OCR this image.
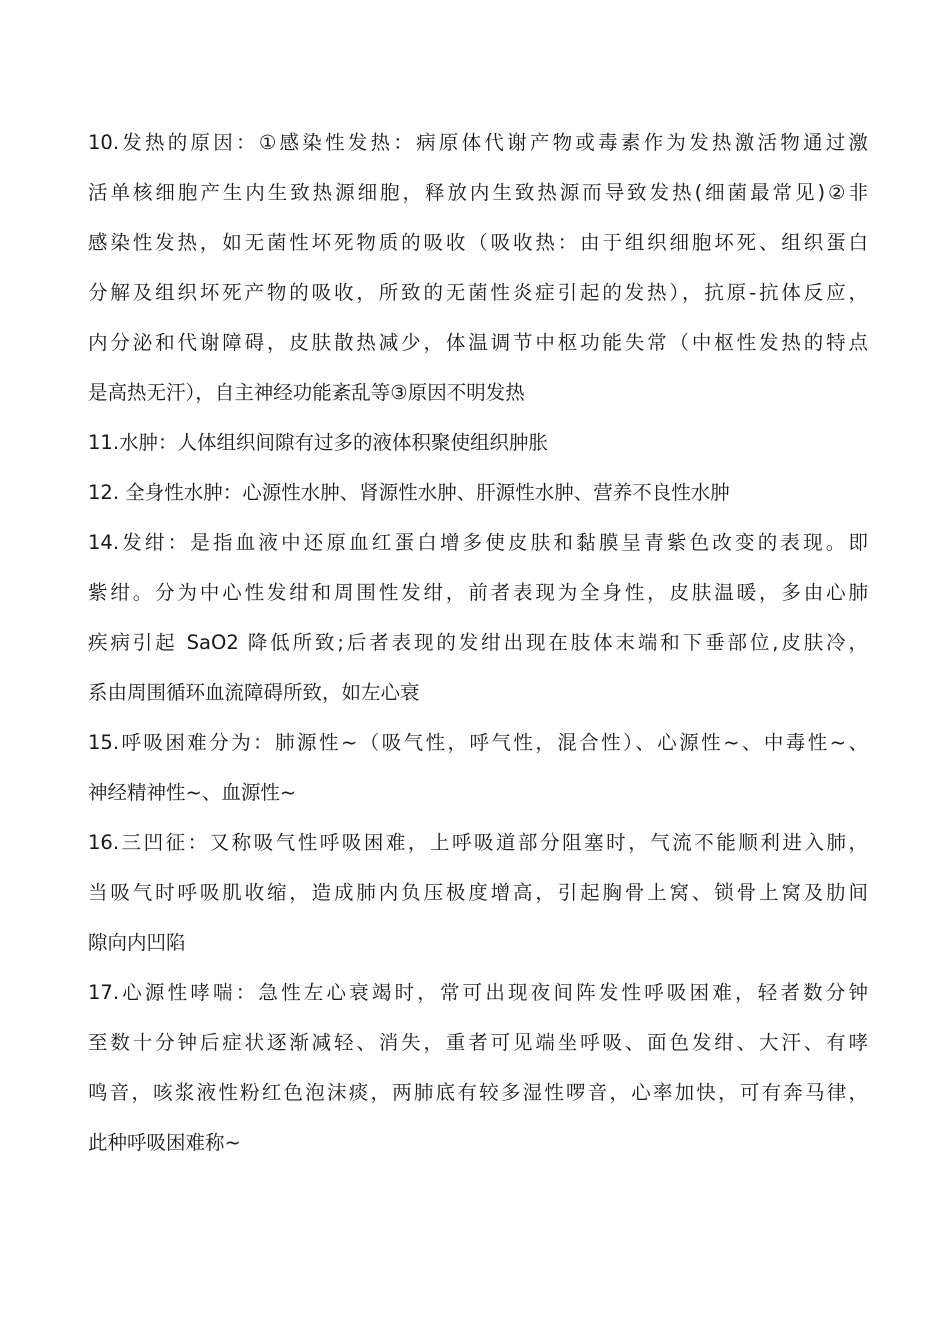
10.发热的原因：①感染性发热：病原体代谢产物或毒素作为发热激活物通过激
活单核细胞产生内生致热源细胞，释放内生致热源而导致发热(细菌最常见)②非
感染性发热，如无菌性坏死物质的吸收（吸收热：由于组织细胞坏死、组织蛋白
分解及组织坏死产物的吸收，所致的无菌性炎症引起的发热），抗原-抗体反应，
内分泌和代谢障碍，皮肤散热减少，体温调节中枢功能失常（中枢性发热的特点
是高热无汗），自主神经功能紊乱等③原因不明发热
11.水肿：人体组织间隙有过多的液体积聚使组织肿胀
12. 全身性水肿：心源性水肿、肾源性水肿、肝源性水肿、营养不良性水肿
14.发绀：是指血液中还原血红蛋白增多使皮肤和黏膜呈青紫色改变的表现。即
紫绀。分为中心性发绀和周围性发绀，前者表现为全身性，皮肤温暖，多由心肺
疾病引起 SaO2 降低所致;后者表现的发绀出现在肢体末端和下垂部位,皮肤冷，
系由周围循环血流障碍所致，如左心衰
15.呼吸困难分为：肺源性~（吸气性，呼气性，混合性）、心源性~、中毒性~、
神经精神性~、血源性~
16.三凹征：又称吸气性呼吸困难，上呼吸道部分阻塞时，气流不能顺利进入肺，
当吸气时呼吸肌收缩，造成肺内负压极度增高，引起胸骨上窝、锁骨上窝及肋间
隙向内凹陷
17.心源性哮喘：急性左心衰竭时，常可出现夜间阵发性呼吸困难，轻者数分钟
至数十分钟后症状逐渐减轻、消失，重者可见端坐呼吸、面色发绀、大汗、有哮
鸣音，咳浆液性粉红色泡沫痰，两肺底有较多湿性啰音，心率加快，可有奔马律，
此种呼吸困难称~
